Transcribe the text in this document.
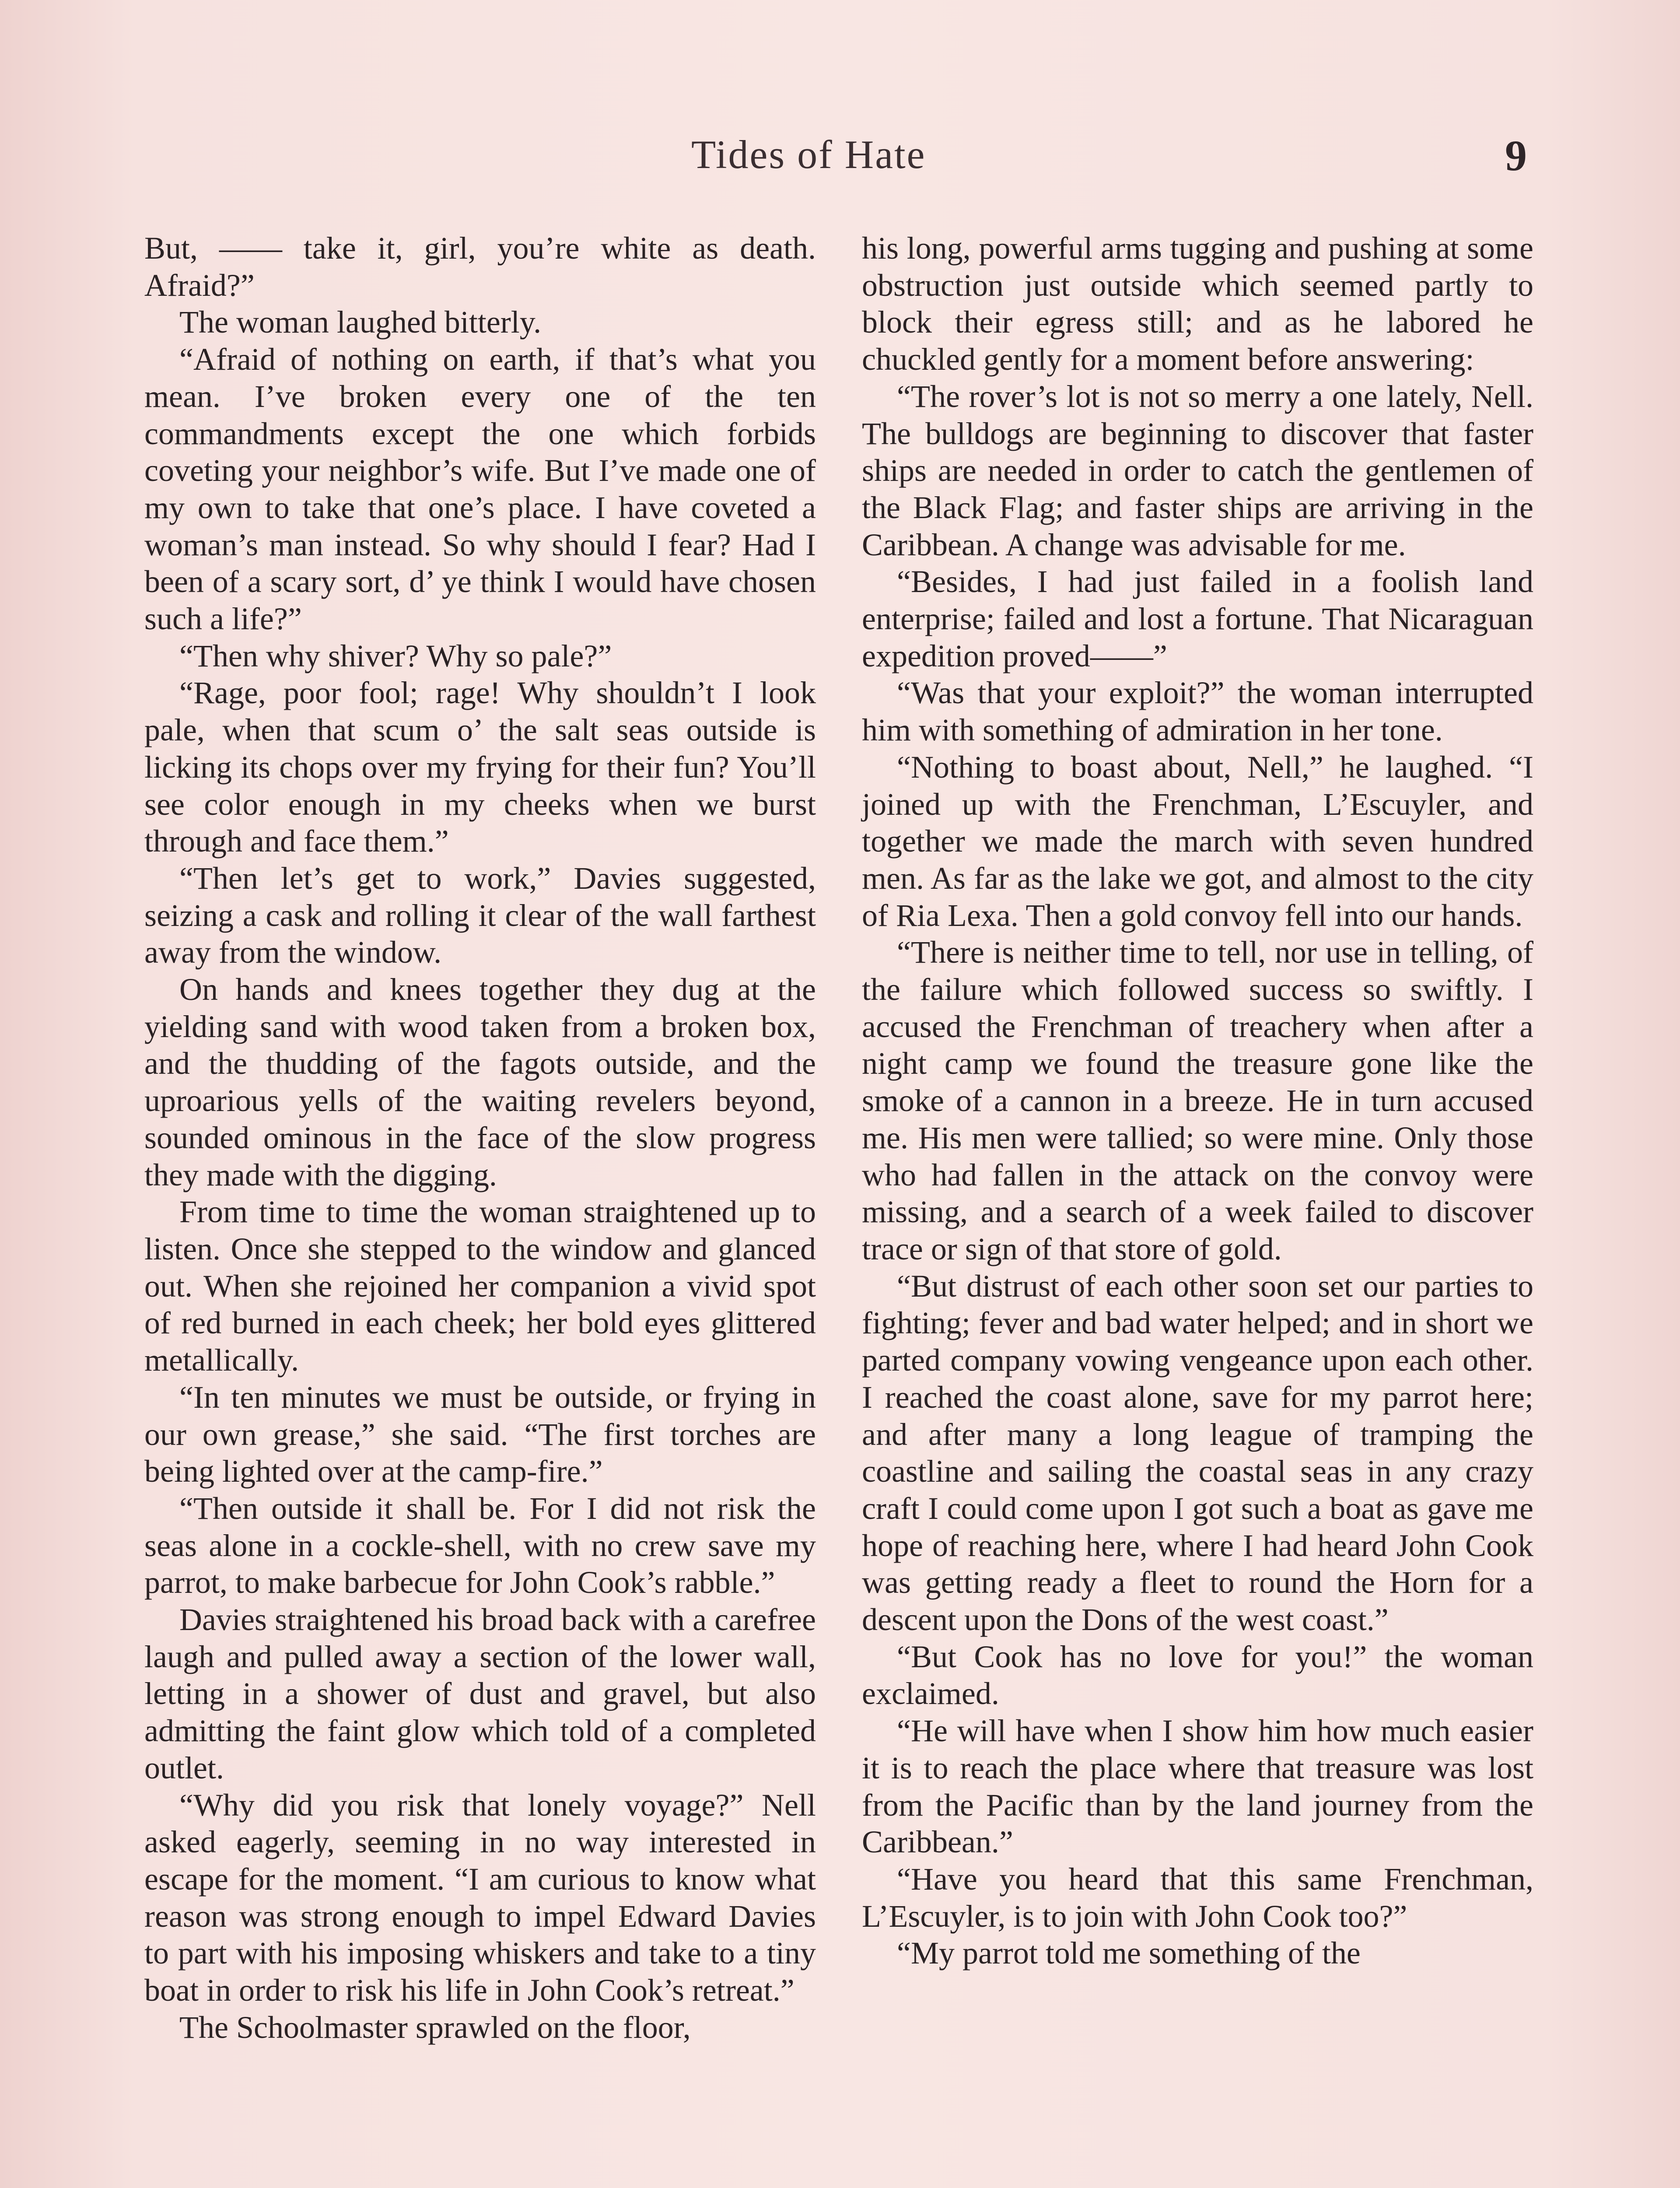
Tides of Hate	9

But, —— take it, girl, you’re white as death. Afraid?”

The woman laughed bitterly.

“Afraid of nothing on earth, if that’s what you mean. I’ve broken every one of the ten commandments except the one which forbids coveting your neighbor’s wife. But I’ve made one of my own to take that one’s place. I have coveted a woman’s man instead. So why should I fear? Had I been of a scary sort, d’ ye think I would have chosen such a life?”

“Then why shiver? Why so pale?”

“Rage, poor fool; rage! Why shouldn’t I look pale, when that scum o’ the salt seas outside is licking its chops over my frying for their fun? You’ll see color enough in my cheeks when we burst through and face them.”

“Then let’s get to work,” Davies suggested, seizing a cask and rolling it clear of the wall farthest away from the window.

On hands and knees together they dug at the yielding sand with wood taken from a broken box, and the thudding of the fagots outside, and the uproarious yells of the waiting revelers beyond, sounded ominous in the face of the slow progress they made with the digging.

From time to time the woman straightened up to listen. Once she stepped to the window and glanced out. When she rejoined her companion a vivid spot of red burned in each cheek; her bold eyes glittered metallically.

“In ten minutes we must be outside, or frying in our own grease,” she said. “The first torches are being lighted over at the camp-fire.”

“Then outside it shall be. For I did not risk the seas alone in a cockle-shell, with no crew save my parrot, to make barbecue for John Cook’s rabble.”

Davies straightened his broad back with a carefree laugh and pulled away a section of the lower wall, letting in a shower of dust and gravel, but also admitting the faint glow which told of a completed outlet.

“Why did you risk that lonely voyage?” Nell asked eagerly, seeming in no way interested in escape for the moment. “I am curious to know what reason was strong enough to impel Edward Davies to part with his imposing whiskers and take to a tiny boat in order to risk his life in John Cook’s retreat.”

The Schoolmaster sprawled on the floor,

his long, powerful arms tugging and pushing at some obstruction just outside which seemed partly to block their egress still; and as he labored he chuckled gently for a moment before answering:

“The rover’s lot is not so merry a one lately, Nell. The bulldogs are beginning to discover that faster ships are needed in order to catch the gentlemen of the Black Flag; and faster ships are arriving in the Caribbean. A change was advisable for me.

“Besides, I had just failed in a foolish land enterprise; failed and lost a fortune. That Nicaraguan expedition proved——”

“Was that your exploit?” the woman interrupted him with something of admiration in her tone.

“Nothing to boast about, Nell,” he laughed. “I joined up with the Frenchman, L’Escuyler, and together we made the march with seven hundred men. As far as the lake we got, and almost to the city of Ria Lexa. Then a gold convoy fell into our hands.

“There is neither time to tell, nor use in telling, of the failure which followed success so swiftly. I accused the Frenchman of treachery when after a night camp we found the treasure gone like the smoke of a cannon in a breeze. He in turn accused me. His men were tallied; so were mine. Only those who had fallen in the attack on the convoy were missing, and a search of a week failed to discover trace or sign of that store of gold.

“But distrust of each other soon set our parties to fighting; fever and bad water helped; and in short we parted company vowing vengeance upon each other. I reached the coast alone, save for my parrot here; and after many a long league of tramping the coastline and sailing the coastal seas in any crazy craft I could come upon I got such a boat as gave me hope of reaching here, where I had heard John Cook was getting ready a fleet to round the Horn for a descent upon the Dons of the west coast.”

“But Cook has no love for you!” the woman exclaimed.

“He will have when I show him how much easier it is to reach the place where that treasure was lost from the Pacific than by the land journey from the Caribbean.”

“Have you heard that this same Frenchman, L’Escuyler, is to join with John Cook too?”

“My parrot told me something of the
